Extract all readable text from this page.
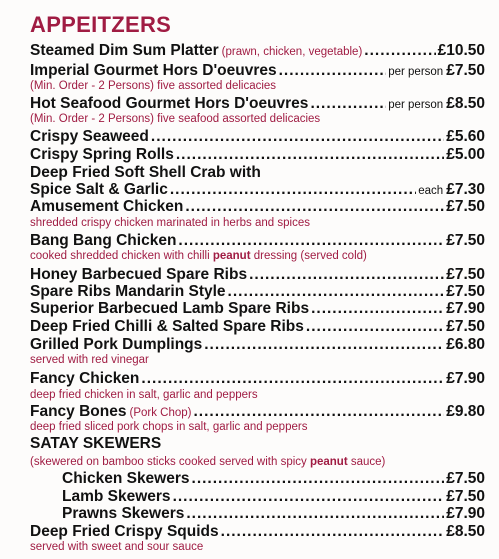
APPEITZERS
Steamed Dim Sum Platter (prawn, chicken, vegetable) .....	£10.50
Imperial Gourmet Hors D'oeuvres .....	per person £7.50
(Min. Order - 2 Persons) five assorted delicacies
Hot Seafood Gourmet Hors D'oeuvres .....	per person £8.50
(Min. Order - 2 Persons) five seafood assorted delicacies
Crispy Seaweed .....	£5.60
Crispy Spring Rolls .....	£5.00
Deep Fried Soft Shell Crab with
Spice Salt & Garlic .....	each £7.30
Amusement Chicken .....	£7.50
shredded crispy chicken marinated in herbs and spices
Bang Bang Chicken .....	£7.50
cooked shredded chicken with chilli peanut dressing (served cold)
Honey Barbecued Spare Ribs .....	£7.50
Spare Ribs Mandarin Style .....	£7.50
Superior Barbecued Lamb Spare Ribs .....	£7.90
Deep Fried Chilli & Salted Spare Ribs .....	£7.50
Grilled Pork Dumplings .....	£6.80
served with red vinegar
Fancy Chicken .....	£7.90
deep fried chicken in salt, garlic and peppers
Fancy Bones (Pork Chop) .....	£9.80
deep fried sliced pork chops in salt, garlic and peppers
SATAY SKEWERS
(skewered on bamboo sticks cooked served with spicy peanut sauce)
Chicken Skewers .....	£7.50
Lamb Skewers .....	£7.50
Prawns Skewers .....	£7.90
Deep Fried Crispy Squids .....	£8.50
served with sweet and sour sauce
